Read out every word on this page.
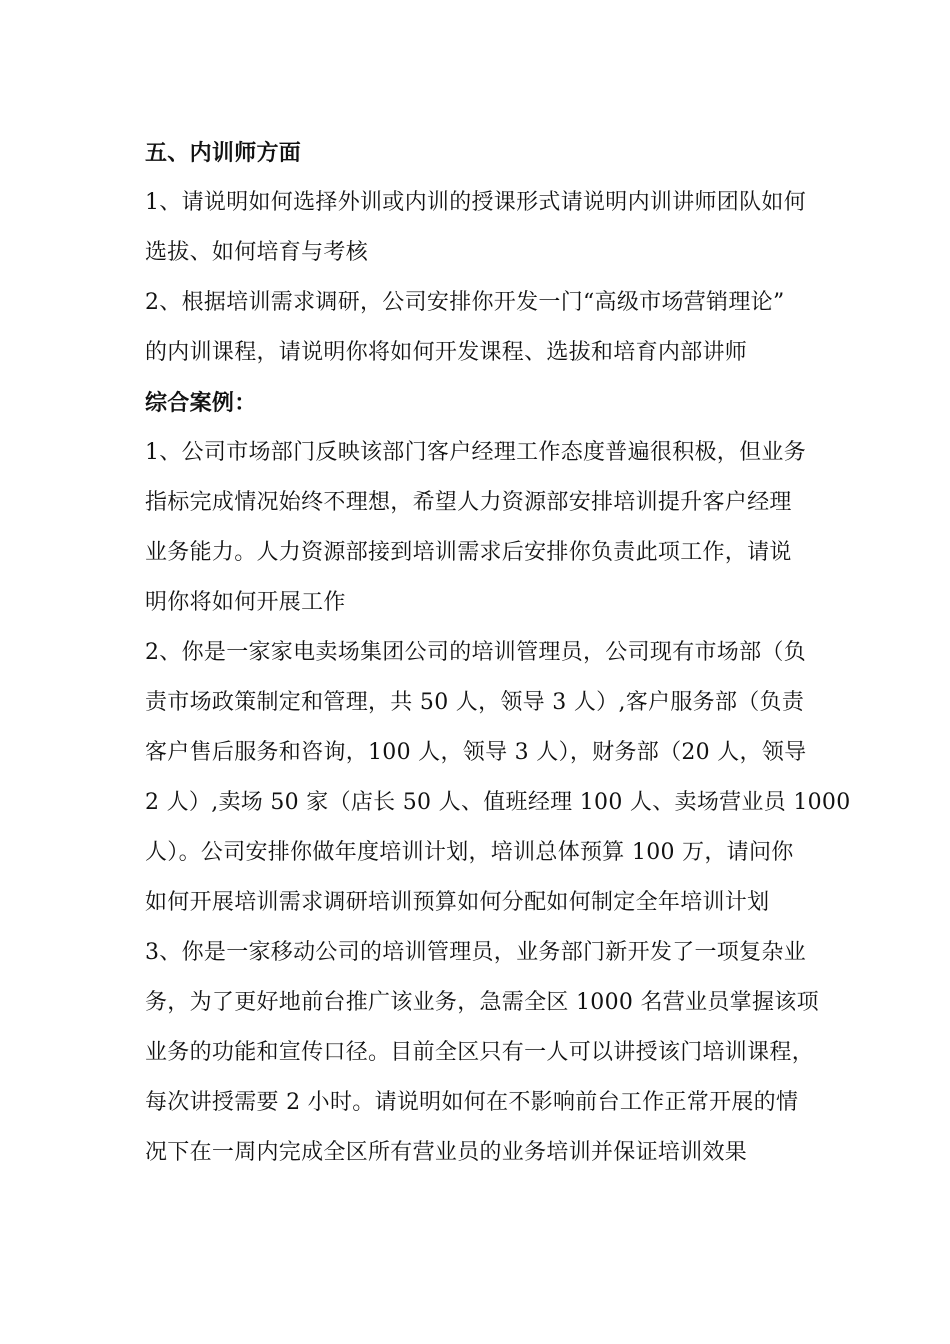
五、内训师方面
1、请说明如何选择外训或内训的授课形式请说明内训讲师团队如何
选拔、如何培育与考核
2、根据培训需求调研，公司安排你开发一门“高级市场营销理论”
的内训课程，请说明你将如何开发课程、选拔和培育内部讲师
综合案例：
1、公司市场部门反映该部门客户经理工作态度普遍很积极，但业务
指标完成情况始终不理想，希望人力资源部安排培训提升客户经理
业务能力。人力资源部接到培训需求后安排你负责此项工作，请说
明你将如何开展工作
2、你是一家家电卖场集团公司的培训管理员，公司现有市场部（负
责市场政策制定和管理，共 50 人，领导 3 人）,客户服务部（负责
客户售后服务和咨询，100 人，领导 3 人），财务部（20 人，领导
2 人）,卖场 50 家（店长 50 人、值班经理 100 人、卖场营业员 1000
人）。公司安排你做年度培训计划，培训总体预算 100 万，请问你
如何开展培训需求调研培训预算如何分配如何制定全年培训计划
3、你是一家移动公司的培训管理员，业务部门新开发了一项复杂业
务，为了更好地前台推广该业务，急需全区 1000 名营业员掌握该项
业务的功能和宣传口径。目前全区只有一人可以讲授该门培训课程，
每次讲授需要 2 小时。请说明如何在不影响前台工作正常开展的情
况下在一周内完成全区所有营业员的业务培训并保证培训效果
